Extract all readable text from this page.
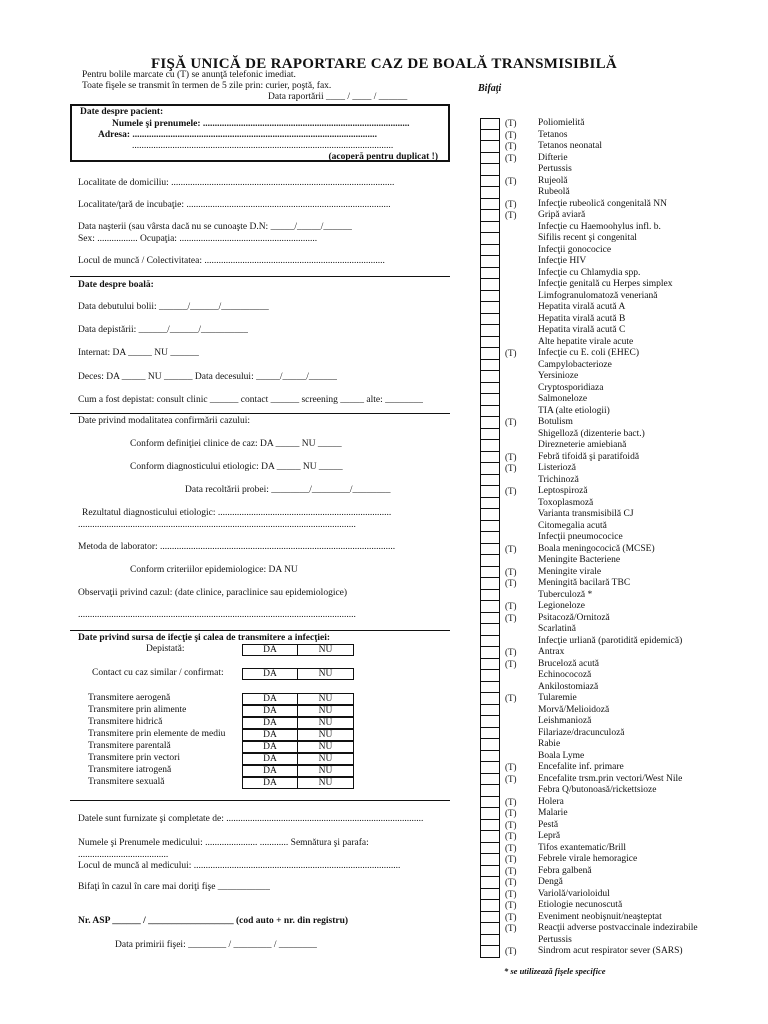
FIŞĂ UNICĂ DE RAPORTARE CAZ DE BOALĂ TRANSMISIBILĂ
Pentru bolile marcate cu (T) se anunţă telefonic imediat.
Toate fişele se transmit în termen de 5 zile prin: curier, poştă, fax.
Data raportării ____ / ____ / ______
Bifaţi
Date despre pacient:
Numele şi prenumele: .......................................................................................
Adresa: .......................................................................................................
..............................................................................................................
(acoperă pentru duplicat !)
Localitate de domiciliu: ..............................................................................................
Localitate/ţară de incubaţie: ......................................................................................
Data naşterii (sau vârsta dacă nu se cunoaşte D.N: _____/_____/______
Sex: ................. Ocupaţia: ..........................................................
Locul de muncă / Colectivitatea: ............................................................................
Date despre boală:
Data debutului bolii: ______/______/__________
Data depistării: ______/______/__________
Internat: DA _____ NU ______
Deces: DA _____ NU ______ Data decesului: _____/_____/______
Cum a fost depistat: consult clinic ______ contact ______ screening _____ alte: ________
Date privind modalitatea confirmării cazului:
Conform definiţiei clinice de caz: DA _____ NU _____
Conform diagnosticului etiologic: DA _____ NU _____
Data recoltării probei: ________/________/________
Rezultatul diagnosticului etiologic: .........................................................................
.....................................................................................................................
Metoda de laborator: ...................................................................................................
Conform criteriilor epidemiologice: DA NU
Observaţii privind cazul: (date clinice, paraclinice sau epidemiologice)
.....................................................................................................................
Date privind sursa de ifecţie şi calea de transmitere a infecţiei:
Depistată:	DA	NU
Contact cu caz similar / confirmat:	DA	NU
Transmitere aerogenă	DA	NU
Transmitere prin alimente	DA	NU
Transmitere hidrică	DA	NU
Transmitere prin elemente de mediu	DA	NU
Transmitere parentală	DA	NU
Transmitere prin vectori	DA	NU
Transmitere iatrogenă	DA	NU
Transmitere sexuală	DA	NU
Datele sunt furnizate şi completate de: ...................................................................................
Numele şi Prenumele medicului: ...................... ............ Semnătura şi parafa:
......................................
Locul de muncă al medicului: .......................................................................................
Bifaţi în cazul în care mai doriţi fişe ___________
Nr. ASP ______ / __________________ (cod auto + nr. din registru)
Data primirii fişei: ________ / ________ / ________
(T) Poliomielită
(T) Tetanos
(T) Tetanos neonatal
(T) Difterie
Pertussis
(T) Rujeolă
Rubeolă
(T) Infecţie rubeolică congenitală NN
(T) Gripă aviară
Infecţie cu Haemoohylus infl. b.
Sifilis recent şi congenital
Infecţii gonococice
Infecţie HIV
Infecţie cu Chlamydia spp.
Infecţie genitală cu Herpes simplex
Limfogranulomatoză veneriană
Hepatita virală acută A
Hepatita virală acută B
Hepatita virală acută C
Alte hepatite virale acute
(T) Infecţie cu E. coli (EHEC)
Campylobacterioze
Yersinioze
Cryptosporidiaza
Salmoneloze
TIA (alte etiologii)
(T) Botulism
Shigelloză (dizenterie bact.)
Direzneterie amiebiană
(T) Febră tifoidă şi paratifoidă
(T) Listerioză
Trichinoză
(T) Leptospiroză
Toxoplasmoză
Varianta transmisibilă CJ
Citomegalia acută
Infecţii pneumococice
(T) Boala meningococică (MCSE)
Meningite Bacteriene
(T) Meningite virale
(T) Meningită bacilară TBC
Tuberculoză *
(T) Legioneloze
(T) Psitacoză/Ornitoză
Scarlatină
Infecţie urliană (parotidită epidemică)
(T) Antrax
(T) Bruceloză acută
Echinococoză
Ankilostomiază
(T) Tularemie
Morvă/Melioidoză
Leishmanioză
Filariaze/dracunculoză
Rabie
Boala Lyme
(T) Encefalite inf. primare
(T) Encefalite trsm.prin vectori/West Nile
Febra Q/butonoasă/rickettsioze
(T) Holera
(T) Malarie
(T) Pestă
(T) Lepră
(T) Tifos exantematic/Brill
(T) Febrele virale hemoragice
(T) Febra galbenă
(T) Dengă
(T) Variolă/varioloidul
(T) Etiologie necunoscută
(T) Eveniment neobişnuit/neaşteptat
(T) Reacţii adverse postvaccinale indezirabile
Pertussis
(T) Sindrom acut respirator sever (SARS)
* se utilizează fişele specifice
